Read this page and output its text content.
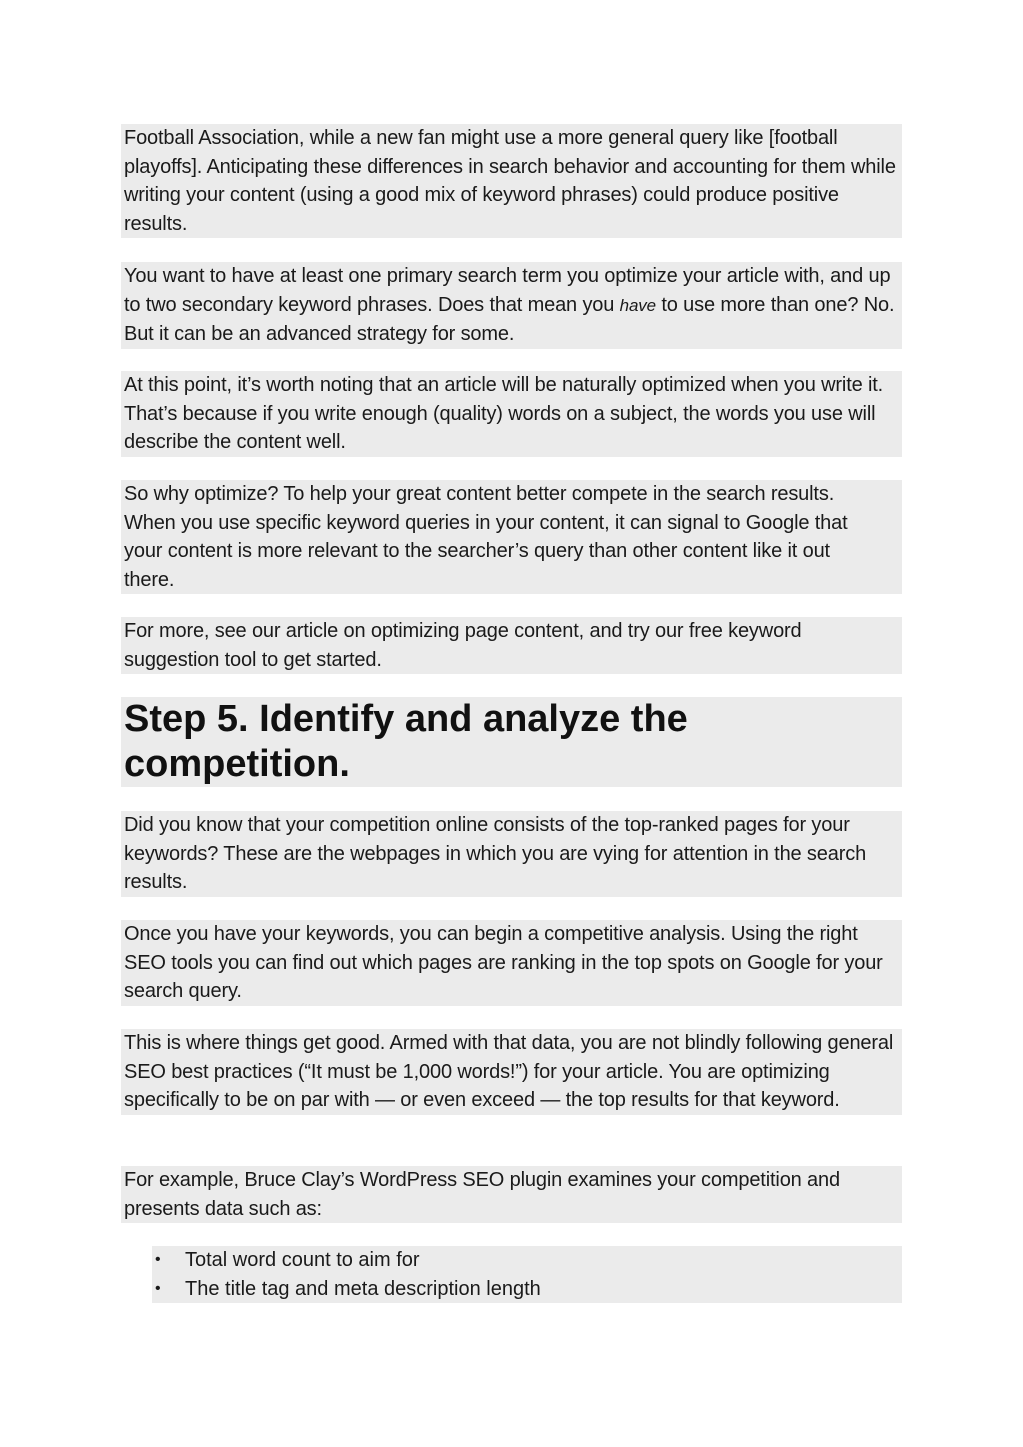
Football Association, while a new fan might use a more general query like [football playoffs]. Anticipating these differences in search behavior and accounting for them while writing your content (using a good mix of keyword phrases) could produce positive results.

You want to have at least one primary search term you optimize your article with, and up to two secondary keyword phrases. Does that mean you have to use more than one? No. But it can be an advanced strategy for some.

At this point, it’s worth noting that an article will be naturally optimized when you write it. That’s because if you write enough (quality) words on a subject, the words you use will describe the content well.

So why optimize? To help your great content better compete in the search results. When you use specific keyword queries in your content, it can signal to Google that your content is more relevant to the searcher’s query than other content like it out there.

For more, see our article on optimizing page content, and try our free keyword suggestion tool to get started.

Step 5. Identify and analyze the competition.

Did you know that your competition online consists of the top-ranked pages for your keywords? These are the webpages in which you are vying for attention in the search results.

Once you have your keywords, you can begin a competitive analysis. Using the right SEO tools you can find out which pages are ranking in the top spots on Google for your search query.

This is where things get good. Armed with that data, you are not blindly following general SEO best practices (“It must be 1,000 words!”) for your article. You are optimizing specifically to be on par with — or even exceed — the top results for that keyword.

For example, Bruce Clay’s WordPress SEO plugin examines your competition and presents data such as:

• Total word count to aim for
• The title tag and meta description length
